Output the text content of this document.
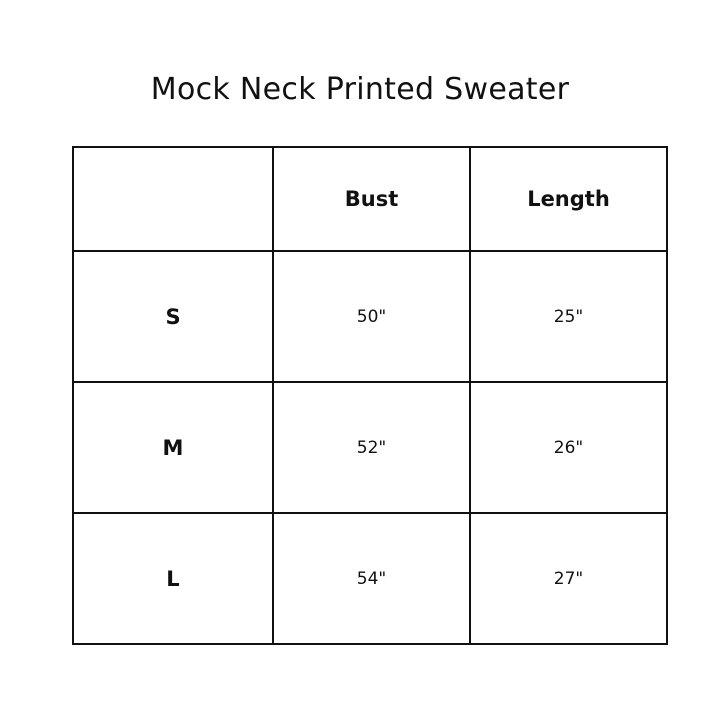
Mock Neck Printed Sweater
	Bust	Length
S	50"	25"
M	52"	26"
L	54"	27"
